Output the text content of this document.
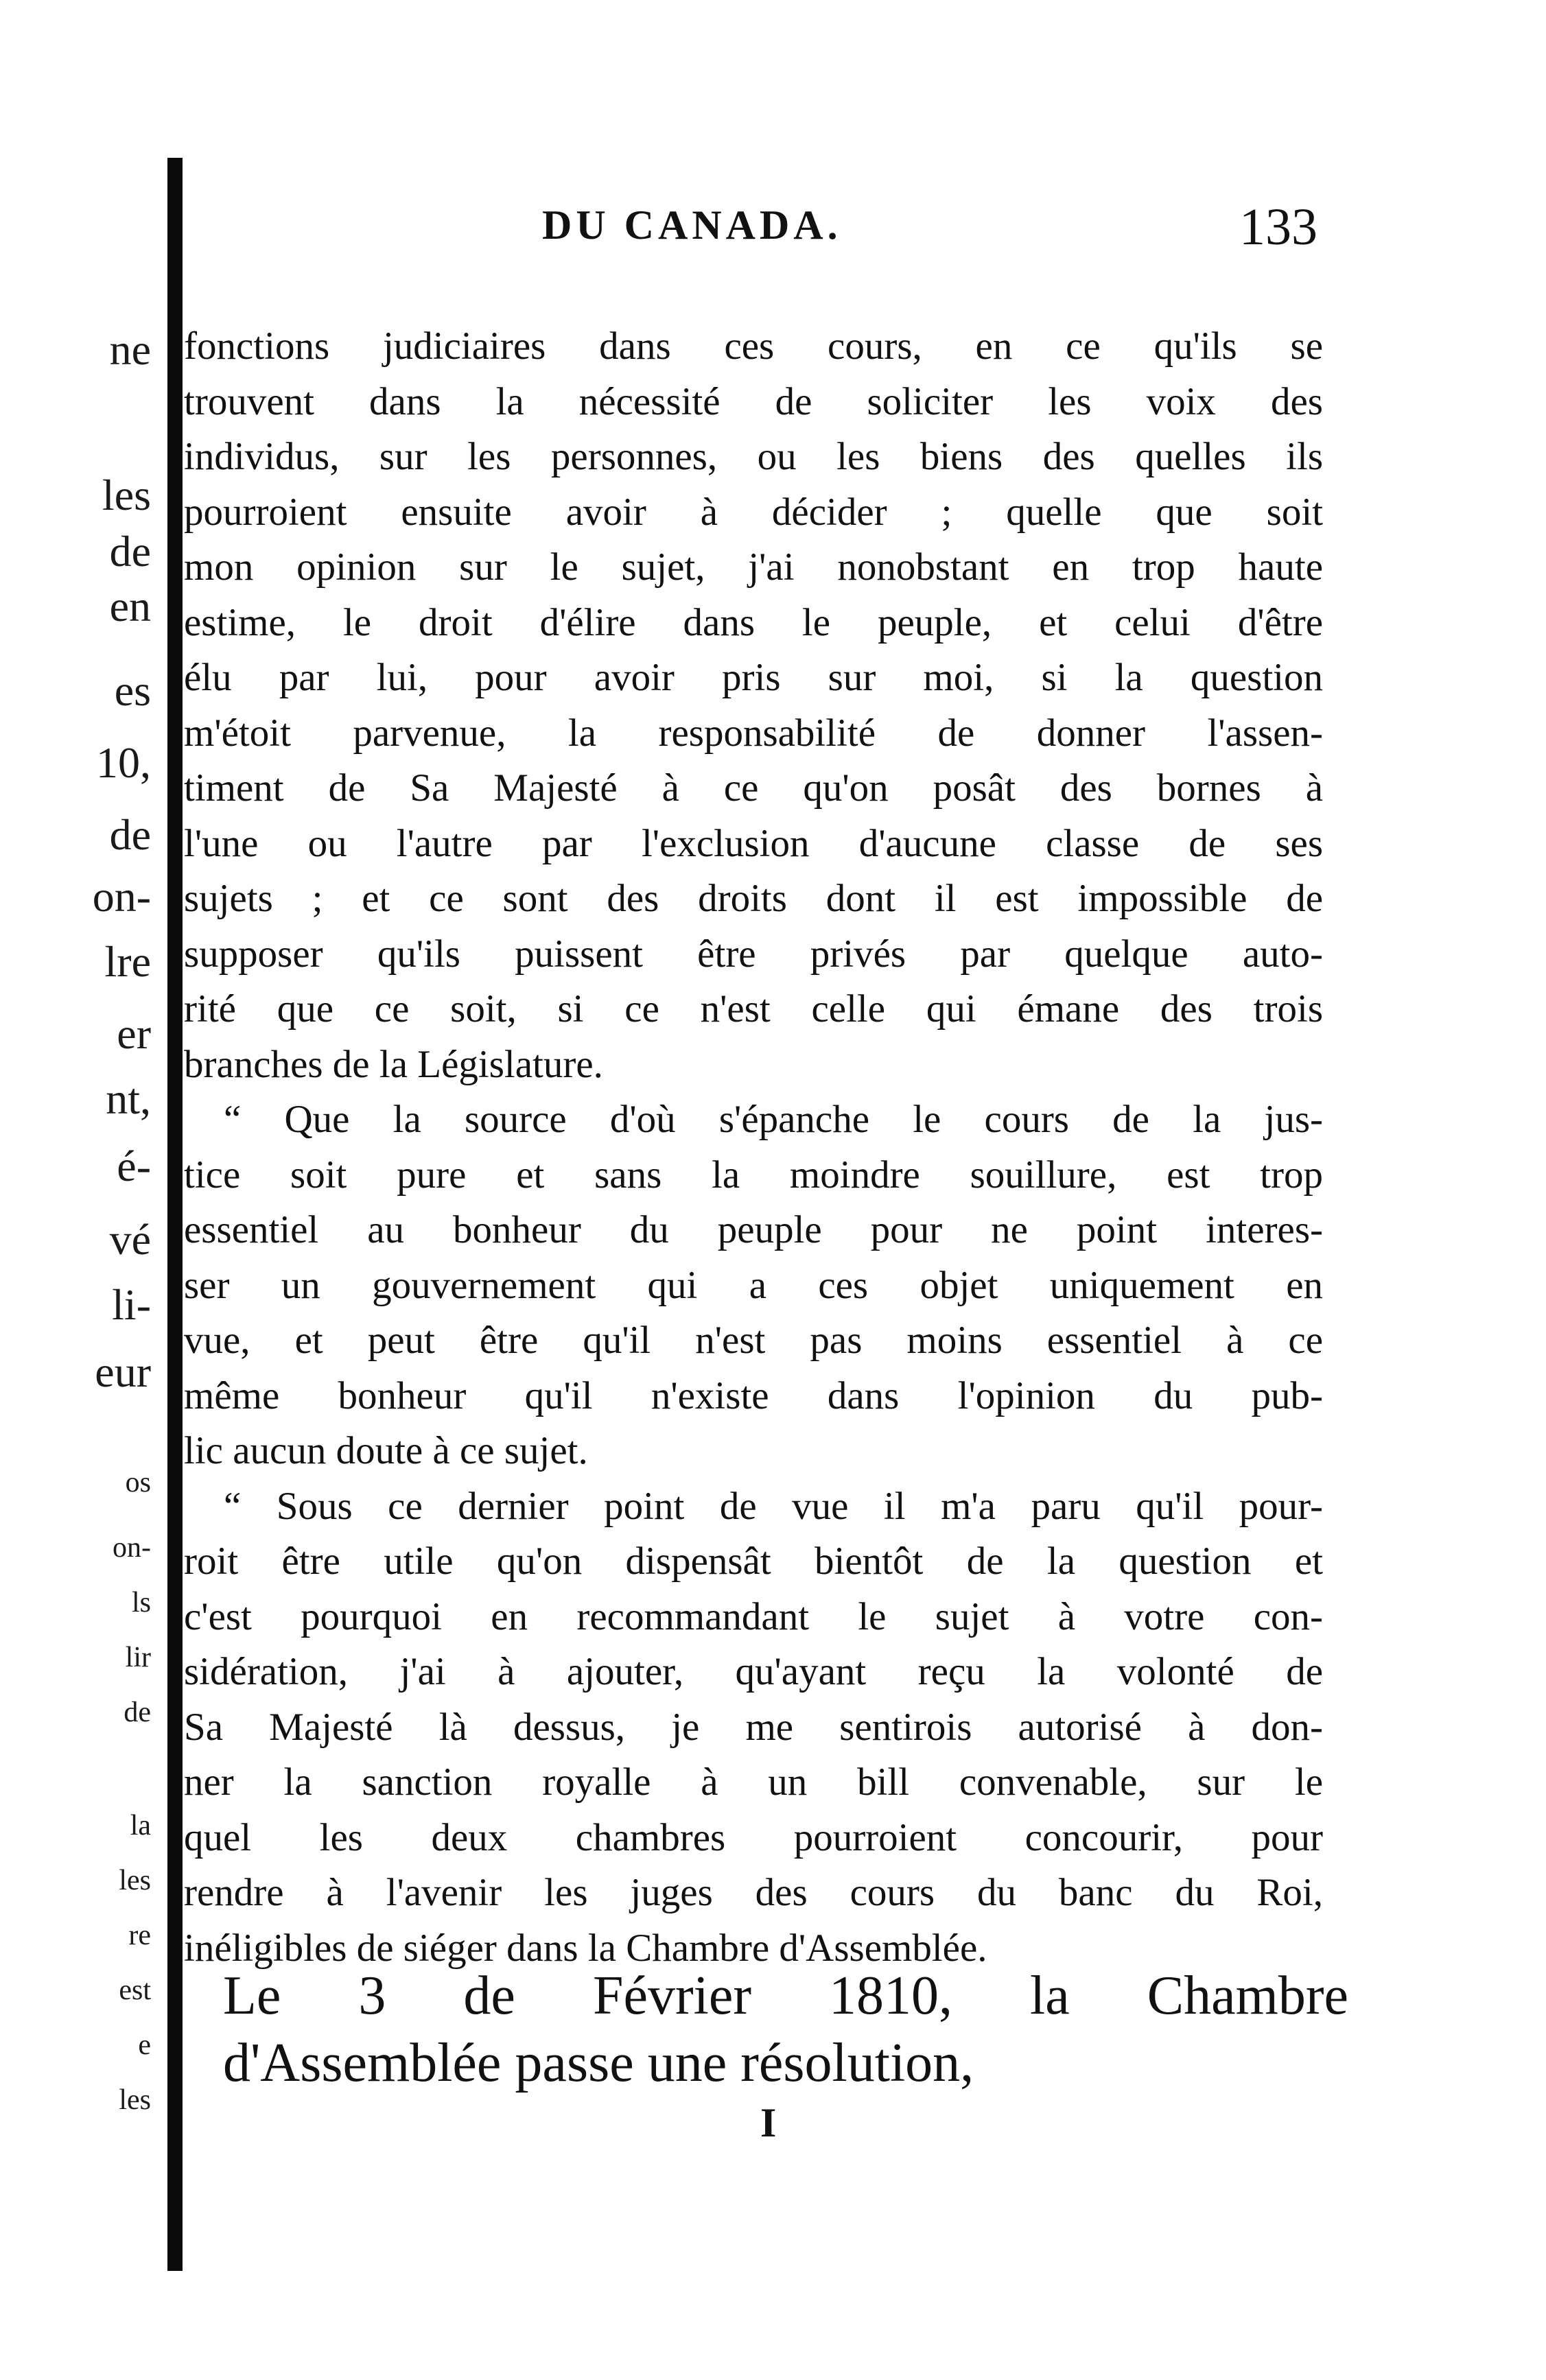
ne
les
de
en
es
10,
de
on-
lre
er
nt,
é-
vé
li-
eur
os
on-
ls
lir
de
la
les
re
est
e
les
DU CANADA.	133
fonctions judiciaires dans ces cours, en ce qu'ils se
trouvent dans la nécessité de soliciter les voix des
individus, sur les personnes, ou les biens des quelles ils
pourroient ensuite avoir à décider ; quelle que soit
mon opinion sur le sujet, j'ai nonobstant en trop haute
estime, le droit d'élire dans le peuple, et celui d'être
élu par lui, pour avoir pris sur moi, si la question
m'étoit parvenue, la responsabilité de donner l'assen-
timent de Sa Majesté à ce qu'on posât des bornes à
l'une ou l'autre par l'exclusion d'aucune classe de ses
sujets ; et ce sont des droits dont il est impossible de
supposer qu'ils puissent être privés par quelque auto-
rité que ce soit, si ce n'est celle qui émane des trois
branches de la Législature.
“ Que la source d'où s'épanche le cours de la jus-
tice soit pure et sans la moindre souillure, est trop
essentiel au bonheur du peuple pour ne point interes-
ser un gouvernement qui a ces objet uniquement en
vue, et peut être qu'il n'est pas moins essentiel à ce
même bonheur qu'il n'existe dans l'opinion du pub-
lic aucun doute à ce sujet.
“ Sous ce dernier point de vue il m'a paru qu'il pour-
roit être utile qu'on dispensât bientôt de la question et
c'est pourquoi en recommandant le sujet à votre con-
sidération, j'ai à ajouter, qu'ayant reçu la volonté de
Sa Majesté là dessus, je me sentirois autorisé à don-
ner la sanction royalle à un bill convenable, sur le
quel les deux chambres pourroient concourir, pour
rendre à l'avenir les juges des cours du banc du Roi,
inéligibles de siéger dans la Chambre d'Assemblée.
Le 3 de Février 1810, la Chambre
d'Assemblée passe une résolution,
I
